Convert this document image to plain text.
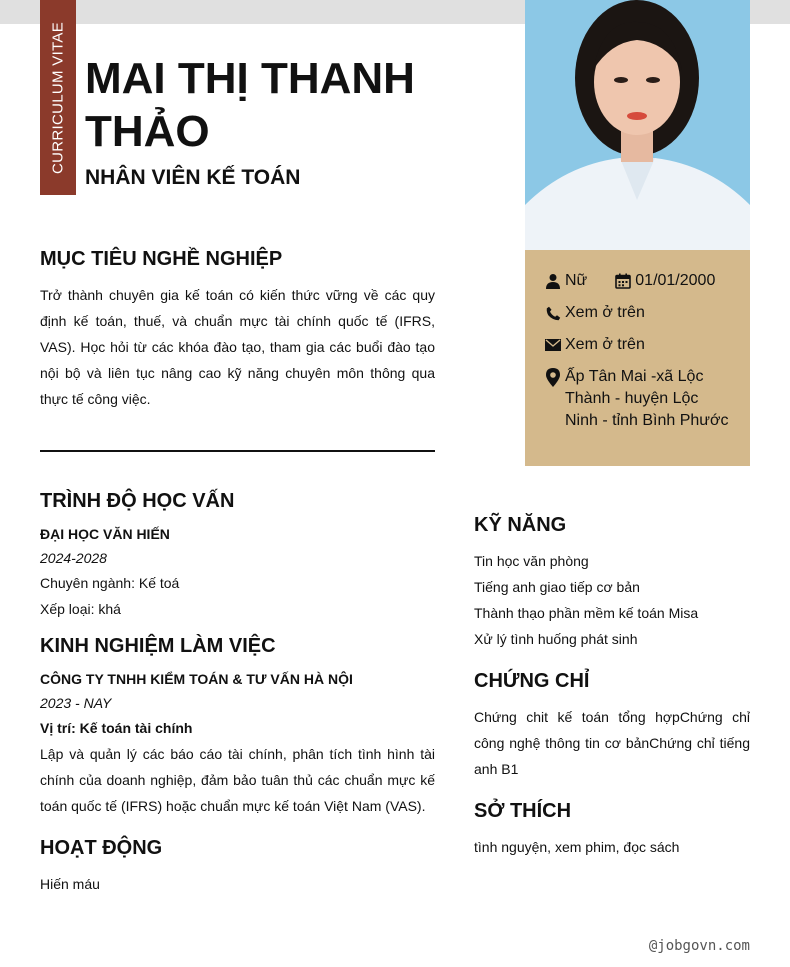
CURRICULUM VITAE MAI THỊ THANH THẢO
NHÂN VIÊN KẾ TOÁN
Nữ	01/01/2000
Xem ở trên
Xem ở trên
Ấp Tân Mai -xã Lộc Thành - huyện Lộc Ninh - tỉnh Bình Phước
MỤC TIÊU NGHỀ NGHIỆP
Trở thành chuyên gia kế toán có kiến thức vững về các quy định kế toán, thuế, và chuẩn mực tài chính quốc tế (IFRS, VAS). Học hỏi từ các khóa đào tạo, tham gia các buổi đào tạo nội bộ và liên tục nâng cao kỹ năng chuyên môn thông qua thực tế công việc.
TRÌNH ĐỘ HỌC VẤN
ĐẠI HỌC VĂN HIẾN
2024-2028
Chuyên ngành: Kế toá
Xếp loại: khá
KINH NGHIỆM LÀM VIỆC
CÔNG TY TNHH KIỂM TOÁN & TƯ VẤN HÀ NỘI
2023 - NAY
Vị trí: Kế toán tài chính
Lập và quản lý các báo cáo tài chính, phân tích tình hình tài chính của doanh nghiệp, đảm bảo tuân thủ các chuẩn mực kế toán quốc tế (IFRS) hoặc chuẩn mực kế toán Việt Nam (VAS).
HOẠT ĐỘNG
Hiến máu
KỸ NĂNG
Tin học văn phòng
Tiếng anh giao tiếp cơ bản
Thành thạo phần mềm kế toán Misa
Xử lý tình huống phát sinh
CHỨNG CHỈ
Chứng chit kế toán tổng hợpChứng chỉ công nghệ thông tin cơ bảnChứng chỉ tiếng anh B1
SỞ THÍCH
tình nguyện, xem phim, đọc sách
@jobgovn.com
